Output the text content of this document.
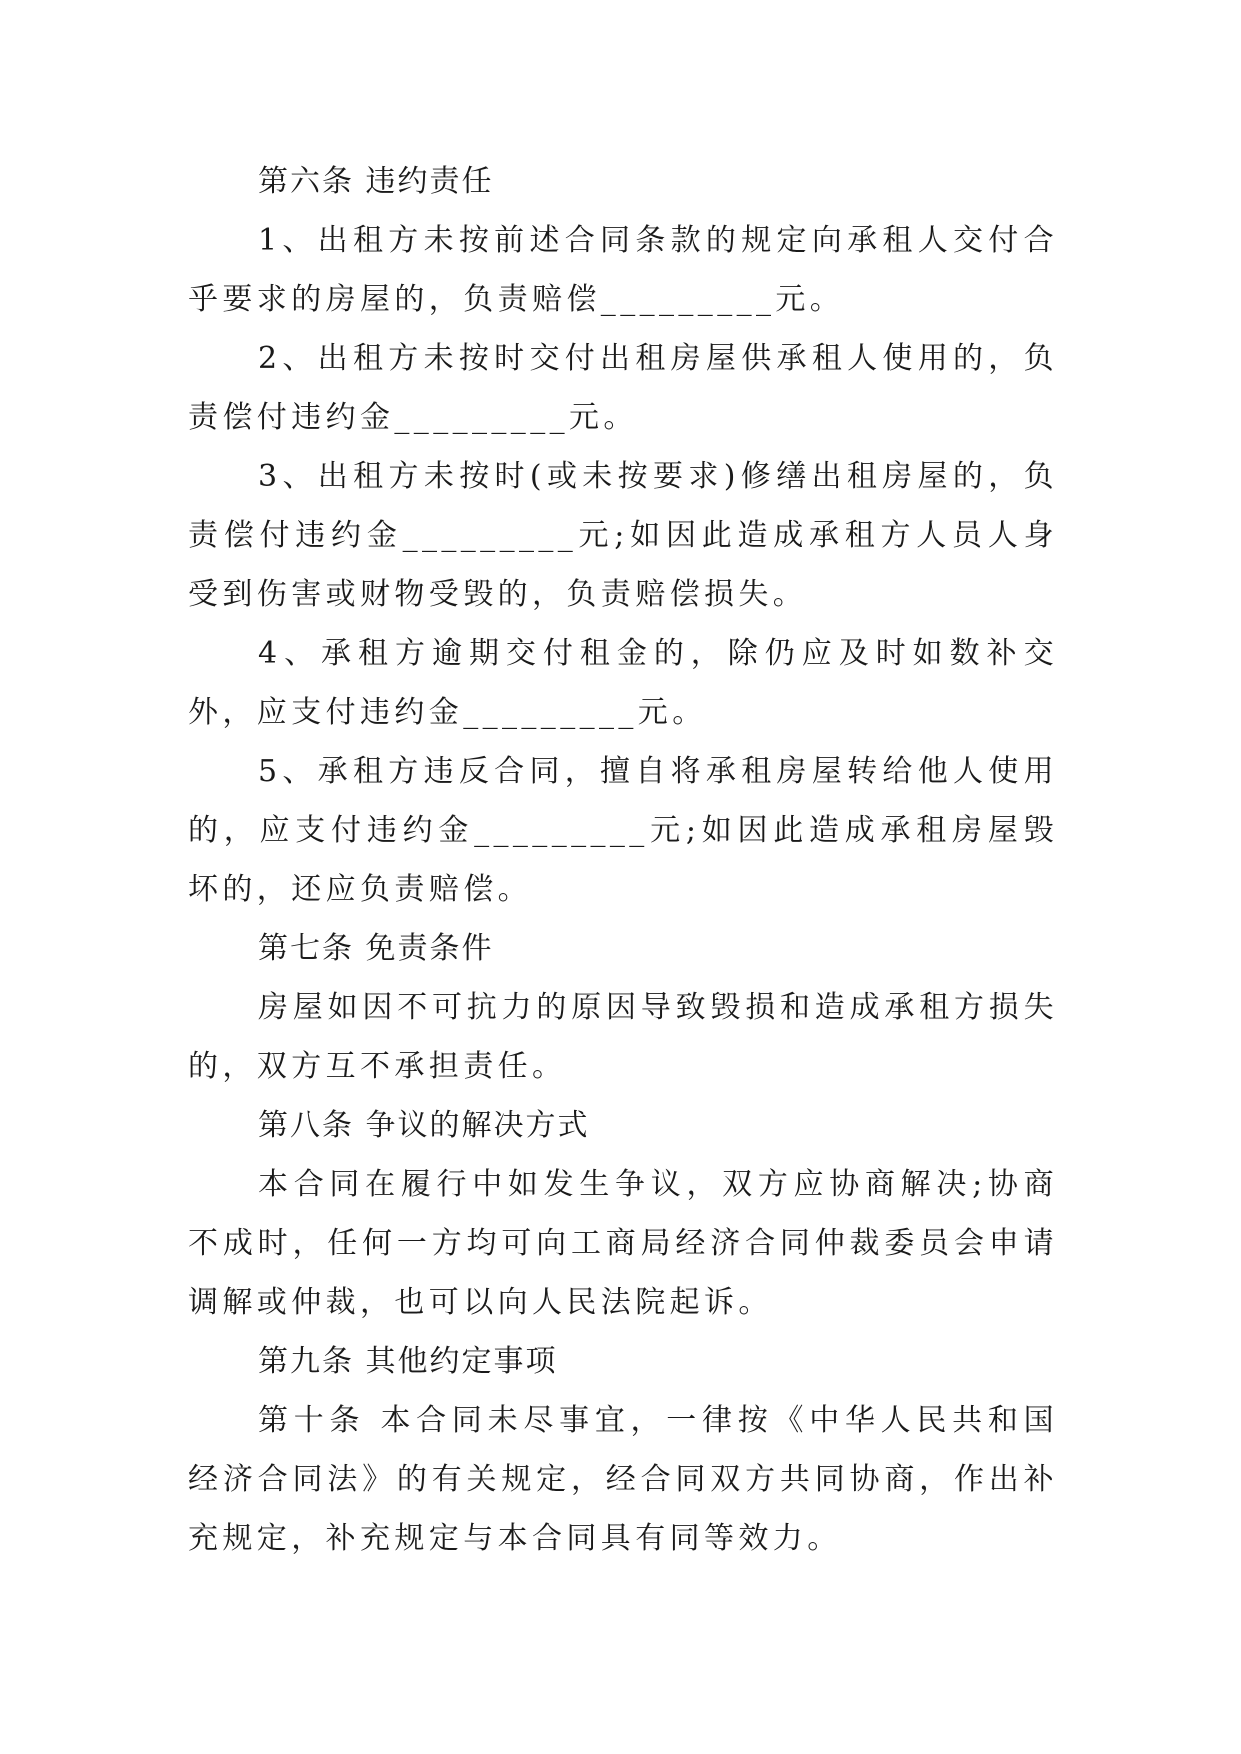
第六条 违约责任

1、出租方未按前述合同条款的规定向承租人交付合乎要求的房屋的，负责赔偿_________元。

2、出租方未按时交付出租房屋供承租人使用的，负责偿付违约金_________元。

3、出租方未按时(或未按要求)修缮出租房屋的，负责偿付违约金_________元;如因此造成承租方人员人身受到伤害或财物受毁的，负责赔偿损失。

4、承租方逾期交付租金的，除仍应及时如数补交外，应支付违约金_________元。

5、承租方违反合同，擅自将承租房屋转给他人使用的，应支付违约金_________元;如因此造成承租房屋毁坏的，还应负责赔偿。

第七条 免责条件

房屋如因不可抗力的原因导致毁损和造成承租方损失的，双方互不承担责任。

第八条 争议的解决方式

本合同在履行中如发生争议，双方应协商解决;协商不成时，任何一方均可向工商局经济合同仲裁委员会申请调解或仲裁，也可以向人民法院起诉。

第九条 其他约定事项

第十条 本合同未尽事宜，一律按《中华人民共和国经济合同法》的有关规定，经合同双方共同协商，作出补充规定，补充规定与本合同具有同等效力。
